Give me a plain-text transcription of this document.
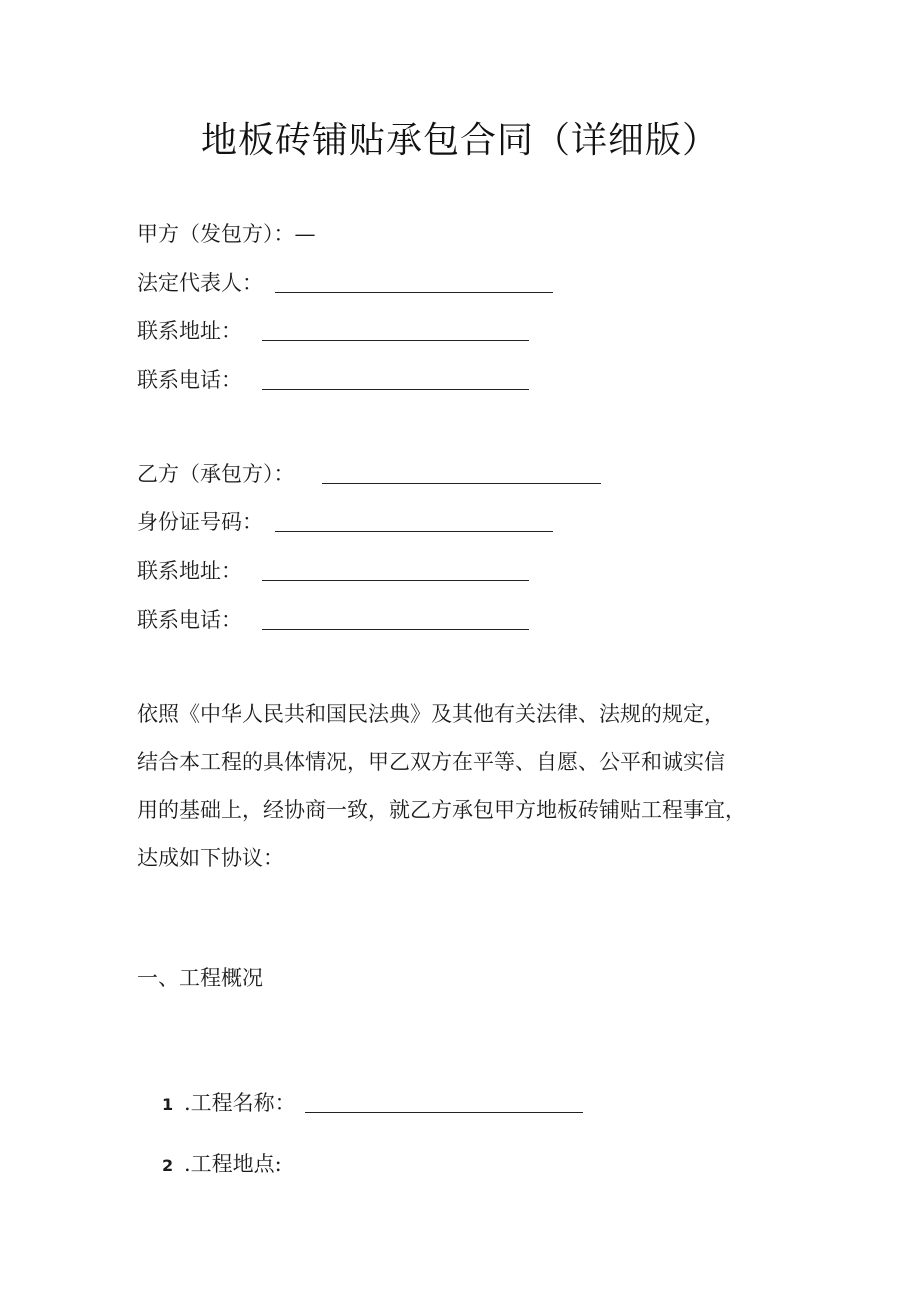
地板砖铺贴承包合同（详细版）
甲方（发包方）：—
法定代表人：
联系地址：
联系电话：
乙方（承包方）：
身份证号码：
联系地址：
联系电话：
依照《中华人民共和国民法典》及其他有关法律、法规的规定，
结合本工程的具体情况，甲乙双方在平等、自愿、公平和诚实信
用的基础上，经协商一致，就乙方承包甲方地板砖铺贴工程事宜，
达成如下协议：
一、工程概况
1 .工程名称：
2 .工程地点:
